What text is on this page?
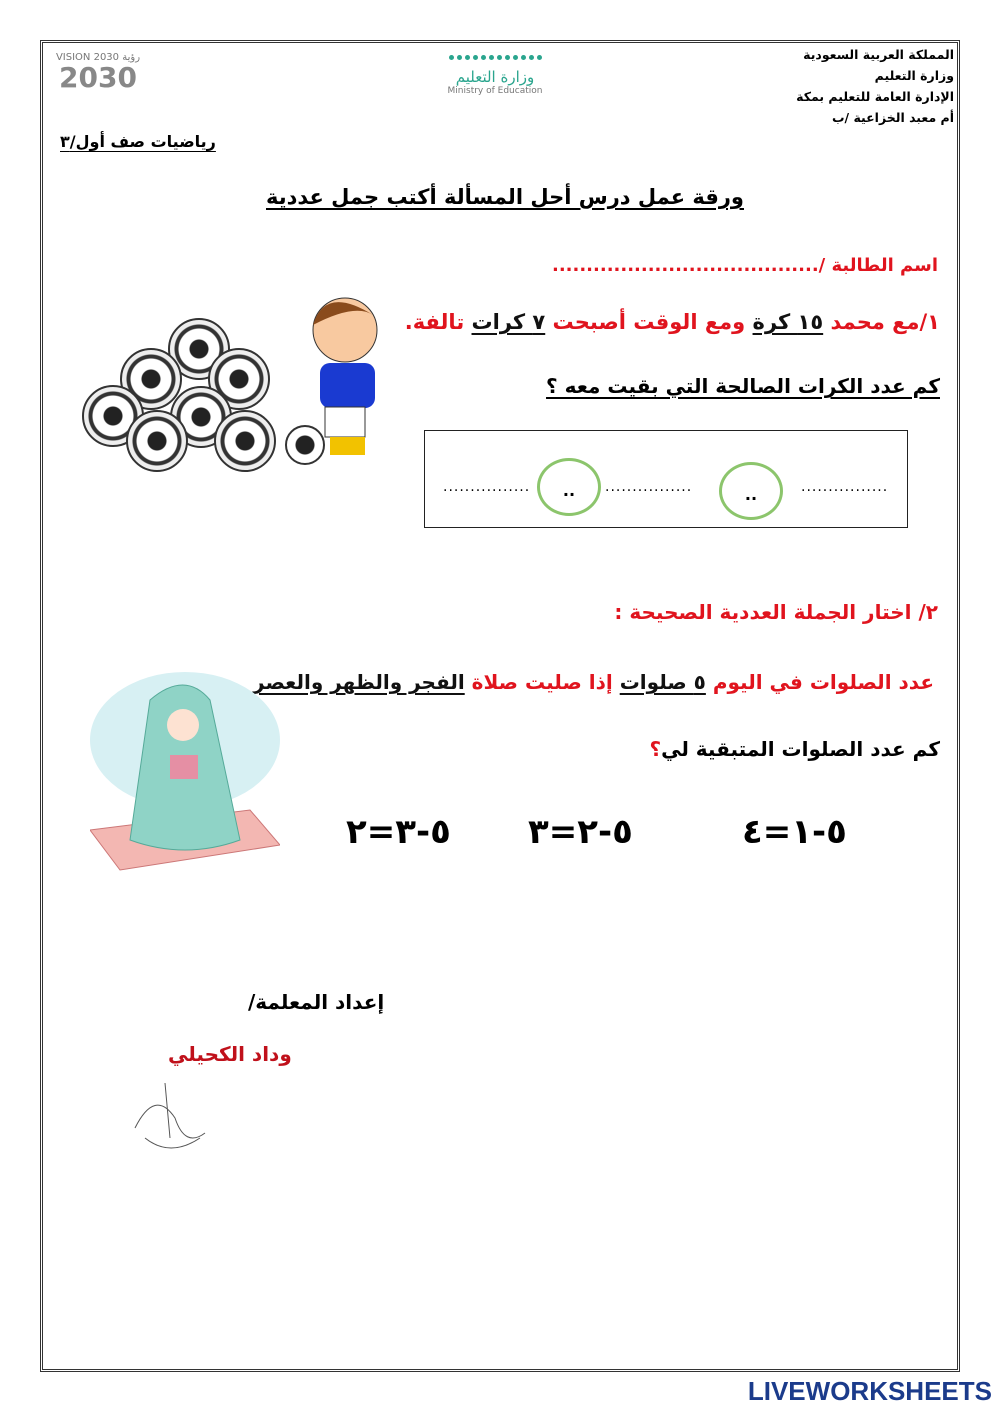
VISION 2030 رؤية
2030	وزارة التعليم
Ministry of Education
المملكة العربية السعودية
وزارة التعليم
الإدارة العامة للتعليم بمكة
أم معبد الخزاعية /ب
رياضيات صف أول/٣
ورقة عمل درس أحل المسألة أكتب جمل عددية
اسم الطالبة /.......................................
١/مع محمد ١٥ كرة ومع الوقت أصبحت ٧ كرات تالفة.
كم عدد الكرات الصالحة التي بقيت معه ؟
................	..	................	..	................
٢/ اختار الجملة العددية الصحيحة :
عدد الصلوات في اليوم ٥ صلوات إذا صليت صلاة الفجر والظهر والعصر
كم عدد الصلوات المتبقية لي؟
٥-١=٤
٥-٢=٣
٥-٣=٢
إعداد المعلمة/
وداد الكحيلي
LIVEWORKSHEETS
